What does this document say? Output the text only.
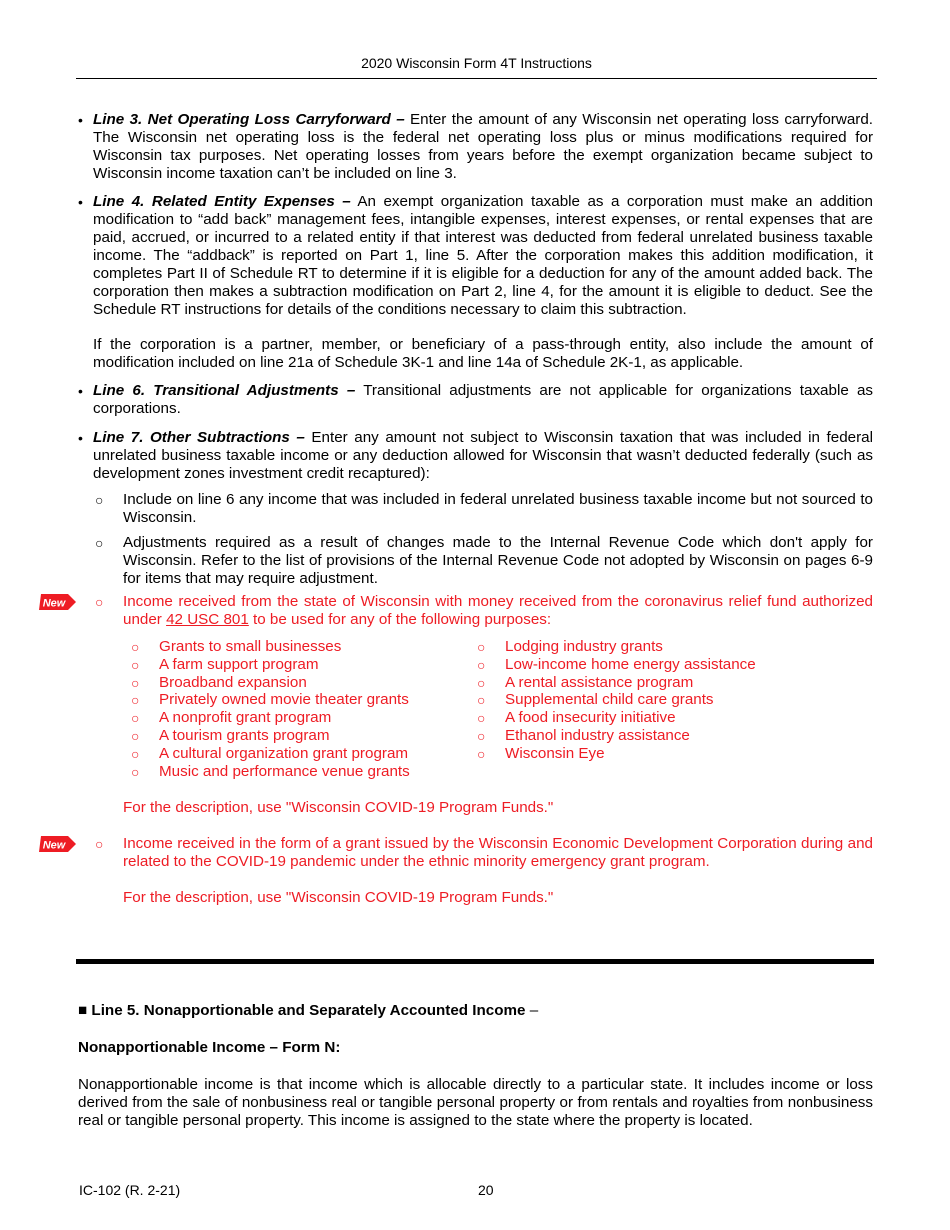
2020 Wisconsin Form 4T Instructions
• Line 3. Net Operating Loss Carryforward – Enter the amount of any Wisconsin net operating loss carryforward. The Wisconsin net operating loss is the federal net operating loss plus or minus modifications required for Wisconsin tax purposes. Net operating losses from years before the exempt organization became subject to Wisconsin income taxation can’t be included on line 3.
• Line 4. Related Entity Expenses – An exempt organization taxable as a corporation must make an addition modification to “add back” management fees, intangible expenses, interest expenses, or rental expenses that are paid, accrued, or incurred to a related entity if that interest was deducted from federal unrelated business taxable income. The “addback” is reported on Part 1, line 5. After the corporation makes this addition modification, it completes Part II of Schedule RT to determine if it is eligible for a deduction for any of the amount added back. The corporation then makes a subtraction modification on Part 2, line 4, for the amount it is eligible to deduct. See the Schedule RT instructions for details of the conditions necessary to claim this subtraction.
If the corporation is a partner, member, or beneficiary of a pass-through entity, also include the amount of modification included on line 21a of Schedule 3K-1 and line 14a of Schedule 2K-1, as applicable.
• Line 6. Transitional Adjustments – Transitional adjustments are not applicable for organizations taxable as corporations.
• Line 7. Other Subtractions – Enter any amount not subject to Wisconsin taxation that was included in federal unrelated business taxable income or any deduction allowed for Wisconsin that wasn’t deducted federally (such as development zones investment credit recaptured):
○ Include on line 6 any income that was included in federal unrelated business taxable income but not sourced to Wisconsin.
○ Adjustments required as a result of changes made to the Internal Revenue Code which don't apply for Wisconsin. Refer to the list of provisions of the Internal Revenue Code not adopted by Wisconsin on pages 6-9 for items that may require adjustment.
New ○ Income received from the state of Wisconsin with money received from the coronavirus relief fund authorized under 42 USC 801 to be used for any of the following purposes:
○ Grants to small businesses
○ A farm support program
○ Broadband expansion
○ Privately owned movie theater grants
○ A nonprofit grant program
○ A tourism grants program
○ A cultural organization grant program
○ Music and performance venue grants
○ Lodging industry grants
○ Low-income home energy assistance
○ A rental assistance program
○ Supplemental child care grants
○ A food insecurity initiative
○ Ethanol industry assistance
○ Wisconsin Eye
For the description, use "Wisconsin COVID-19 Program Funds."
New ○ Income received in the form of a grant issued by the Wisconsin Economic Development Corporation during and related to the COVID-19 pandemic under the ethnic minority emergency grant program.
For the description, use "Wisconsin COVID-19 Program Funds."
■ Line 5. Nonapportionable and Separately Accounted Income –
Nonapportionable Income – Form N:
Nonapportionable income is that income which is allocable directly to a particular state. It includes income or loss derived from the sale of nonbusiness real or tangible personal property or from rentals and royalties from nonbusiness real or tangible personal property. This income is assigned to the state where the property is located.
IC-102 (R. 2-21)	20
